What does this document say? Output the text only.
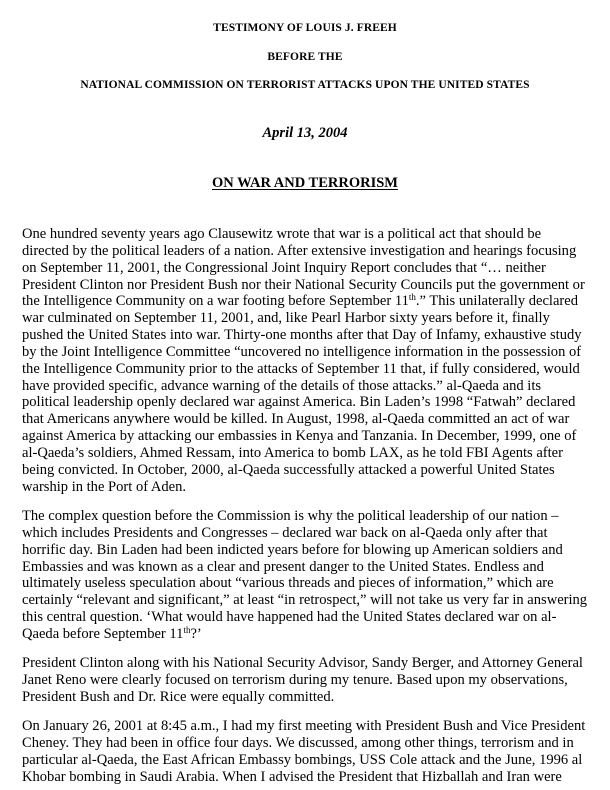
TESTIMONY OF LOUIS J. FREEH
BEFORE THE
NATIONAL COMMISSION ON TERRORIST ATTACKS UPON THE UNITED STATES
April 13, 2004
ON WAR AND TERRORISM
One hundred seventy years ago Clausewitz wrote that war is a political act that should be
directed by the political leaders of a nation. After extensive investigation and hearings focusing
on September 11, 2001, the Congressional Joint Inquiry Report concludes that “… neither
President Clinton nor President Bush nor their National Security Councils put the government or
the Intelligence Community on a war footing before September 11th.” This unilaterally declared
war culminated on September 11, 2001, and, like Pearl Harbor sixty years before it, finally
pushed the United States into war. Thirty-one months after that Day of Infamy, exhaustive study
by the Joint Intelligence Committee “uncovered no intelligence information in the possession of
the Intelligence Community prior to the attacks of September 11 that, if fully considered, would
have provided specific, advance warning of the details of those attacks.” al-Qaeda and its
political leadership openly declared war against America. Bin Laden’s 1998 “Fatwah” declared
that Americans anywhere would be killed. In August, 1998, al-Qaeda committed an act of war
against America by attacking our embassies in Kenya and Tanzania. In December, 1999, one of
al-Qaeda’s soldiers, Ahmed Ressam, into America to bomb LAX, as he told FBI Agents after
being convicted. In October, 2000, al-Qaeda successfully attacked a powerful United States
warship in the Port of Aden.
The complex question before the Commission is why the political leadership of our nation –
which includes Presidents and Congresses – declared war back on al-Qaeda only after that
horrific day. Bin Laden had been indicted years before for blowing up American soldiers and
Embassies and was known as a clear and present danger to the United States. Endless and
ultimately useless speculation about “various threads and pieces of information,” which are
certainly “relevant and significant,” at least “in retrospect,” will not take us very far in answering
this central question. ‘What would have happened had the United States declared war on al-
Qaeda before September 11th?’
President Clinton along with his National Security Advisor, Sandy Berger, and Attorney General
Janet Reno were clearly focused on terrorism during my tenure. Based upon my observations,
President Bush and Dr. Rice were equally committed.
On January 26, 2001 at 8:45 a.m., I had my first meeting with President Bush and Vice President
Cheney. They had been in office four days. We discussed, among other things, terrorism and in
particular al-Qaeda, the East African Embassy bombings, USS Cole attack and the June, 1996 al
Khobar bombing in Saudi Arabia. When I advised the President that Hizballah and Iran were
